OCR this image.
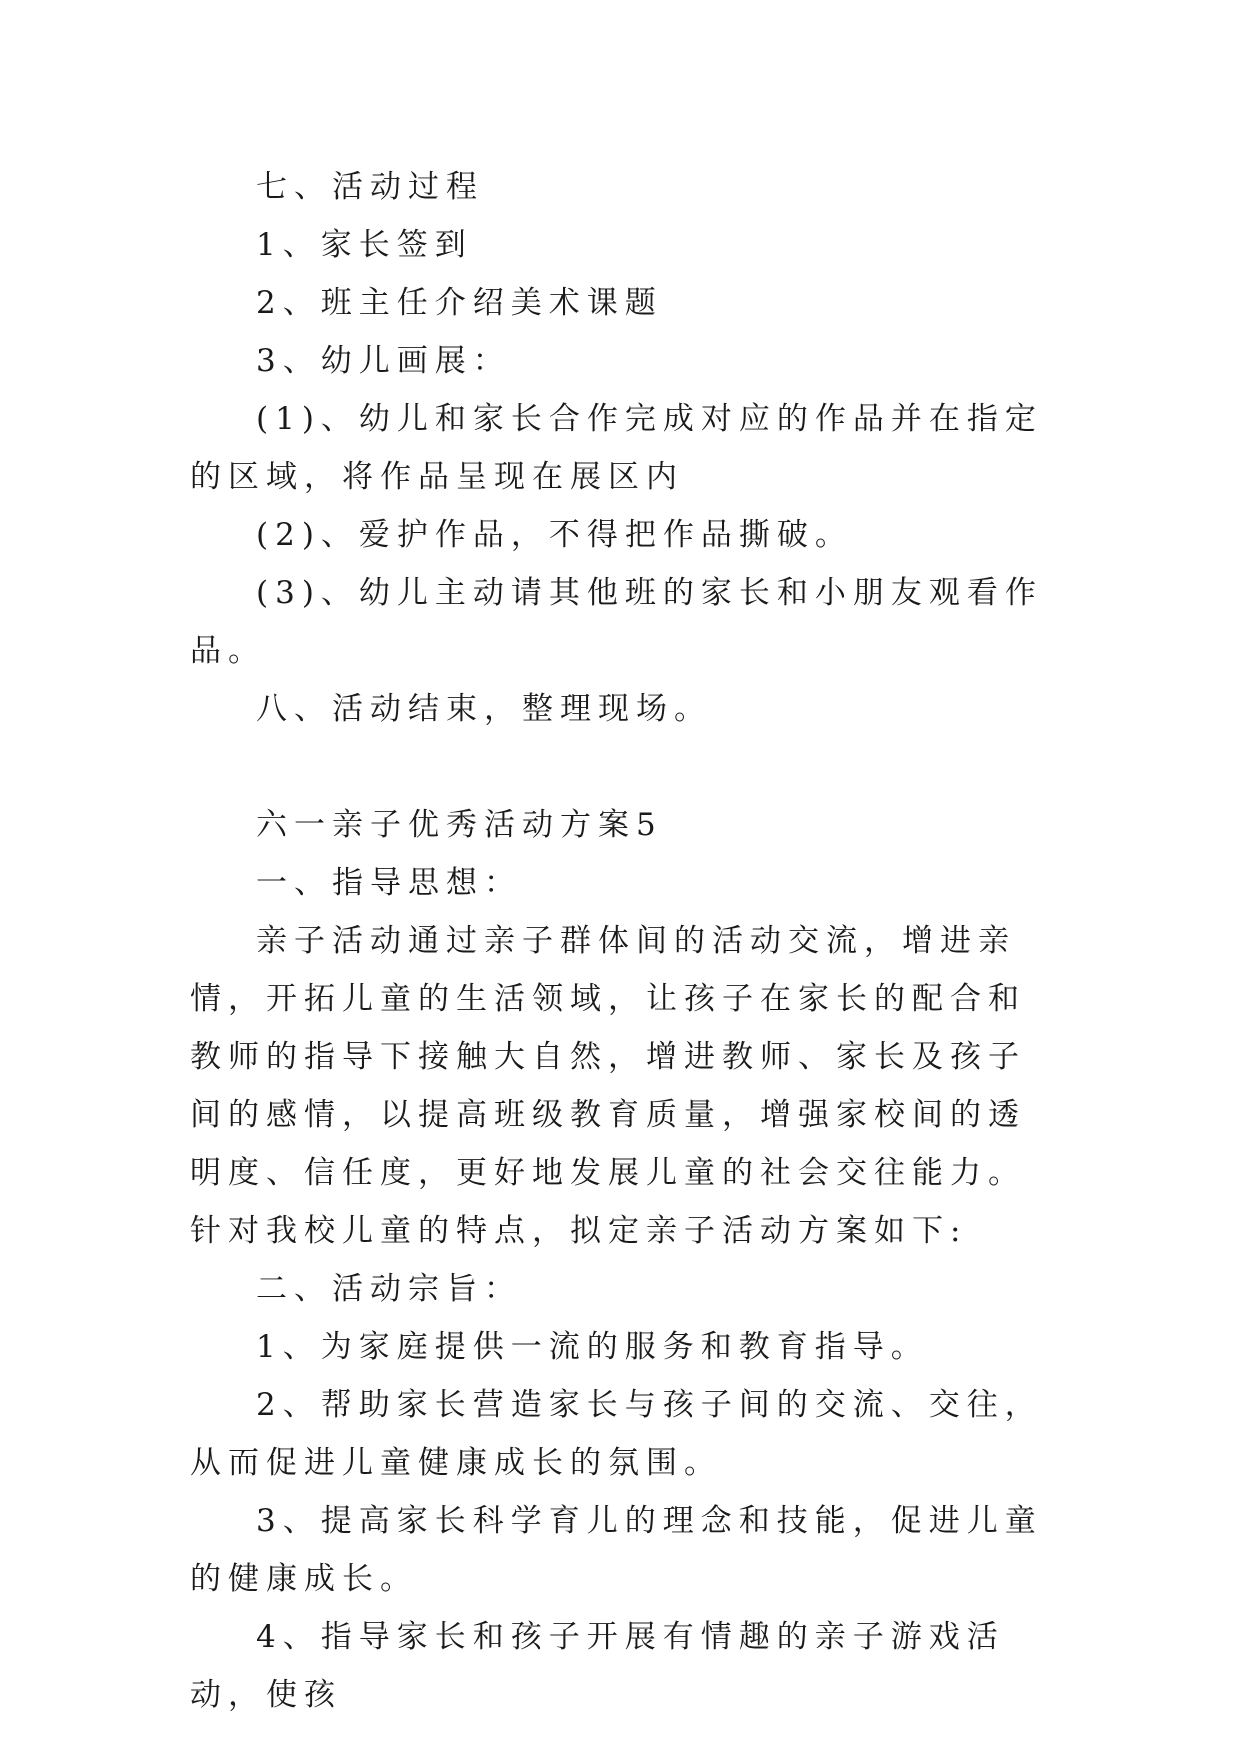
七、活动过程

1、家长签到

2、班主任介绍美术课题

3、幼儿画展：

(1)、幼儿和家长合作完成对应的作品并在指定的区域，将作品呈现在展区内

(2)、爱护作品，不得把作品撕破。

(3)、幼儿主动请其他班的家长和小朋友观看作品。

八、活动结束，整理现场。

六一亲子优秀活动方案5

一、指导思想：

亲子活动通过亲子群体间的活动交流，增进亲情，开拓儿童的生活领域，让孩子在家长的配合和教师的指导下接触大自然，增进教师、家长及孩子间的感情，以提高班级教育质量，增强家校间的透明度、信任度，更好地发展儿童的社会交往能力。针对我校儿童的特点，拟定亲子活动方案如下:

二、活动宗旨：

1、为家庭提供一流的服务和教育指导。

2、帮助家长营造家长与孩子间的交流、交往，从而促进儿童健康成长的氛围。

3、提高家长科学育儿的理念和技能，促进儿童的健康成长。

4、指导家长和孩子开展有情趣的亲子游戏活动，使孩
